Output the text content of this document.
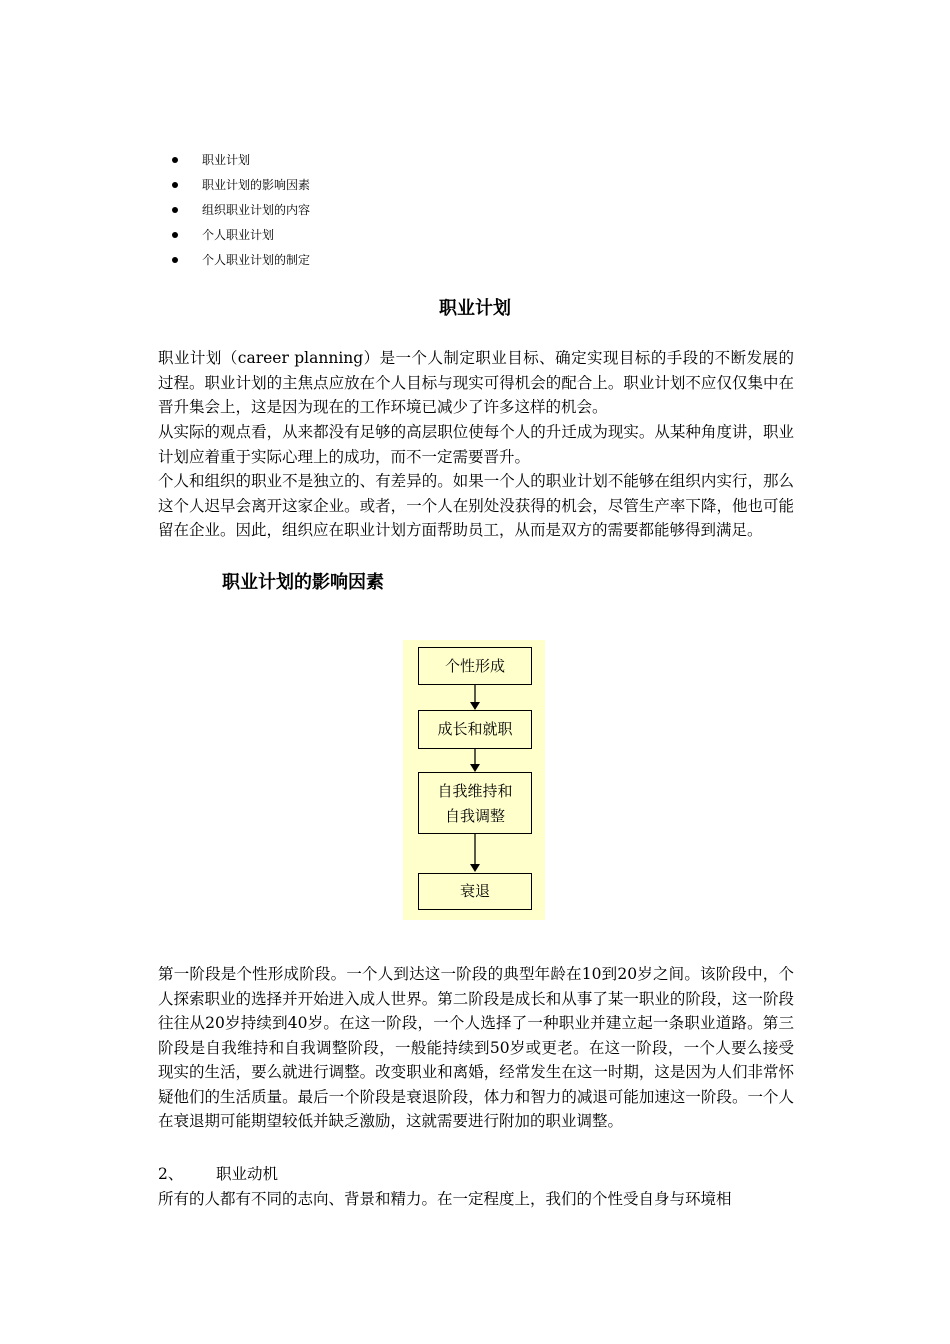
职业计划
职业计划的影响因素
组织职业计划的内容
个人职业计划
个人职业计划的制定
职业计划

职业计划（career planning）是一个人制定职业目标、确定实现目标的手段的不断发展的过程。职业计划的主焦点应放在个人目标与现实可得机会的配合上。职业计划不应仅仅集中在晋升集会上，这是因为现在的工作环境已减少了许多这样的机会。

从实际的观点看，从来都没有足够的高层职位使每个人的升迁成为现实。从某种角度讲，职业计划应着重于实际心理上的成功，而不一定需要晋升。

个人和组织的职业不是独立的、有差异的。如果一个人的职业计划不能够在组织内实行，那么这个人迟早会离开这家企业。或者，一个人在别处没获得的机会，尽管生产率下降，他也可能留在企业。因此，组织应在职业计划方面帮助员工，从而是双方的需要都能够得到满足。

职业计划的影响因素
个性形成
成长和就职
自我维持和
自我调整
衰退

第一阶段是个性形成阶段。一个人到达这一阶段的典型年龄在10到20岁之间。该阶段中，个人探索职业的选择并开始进入成人世界。第二阶段是成长和从事了某一职业的阶段，这一阶段往往从20岁持续到40岁。在这一阶段，一个人选择了一种职业并建立起一条职业道路。第三阶段是自我维持和自我调整阶段，一般能持续到50岁或更老。在这一阶段，一个人要么接受现实的生活，要么就进行调整。改变职业和离婚，经常发生在这一时期，这是因为人们非常怀疑他们的生活质量。最后一个阶段是衰退阶段，体力和智力的减退可能加速这一阶段。一个人在衰退期可能期望较低并缺乏激励，这就需要进行附加的职业调整。

2、 职业动机

所有的人都有不同的志向、背景和精力。在一定程度上，我们的个性受自身与环境相
